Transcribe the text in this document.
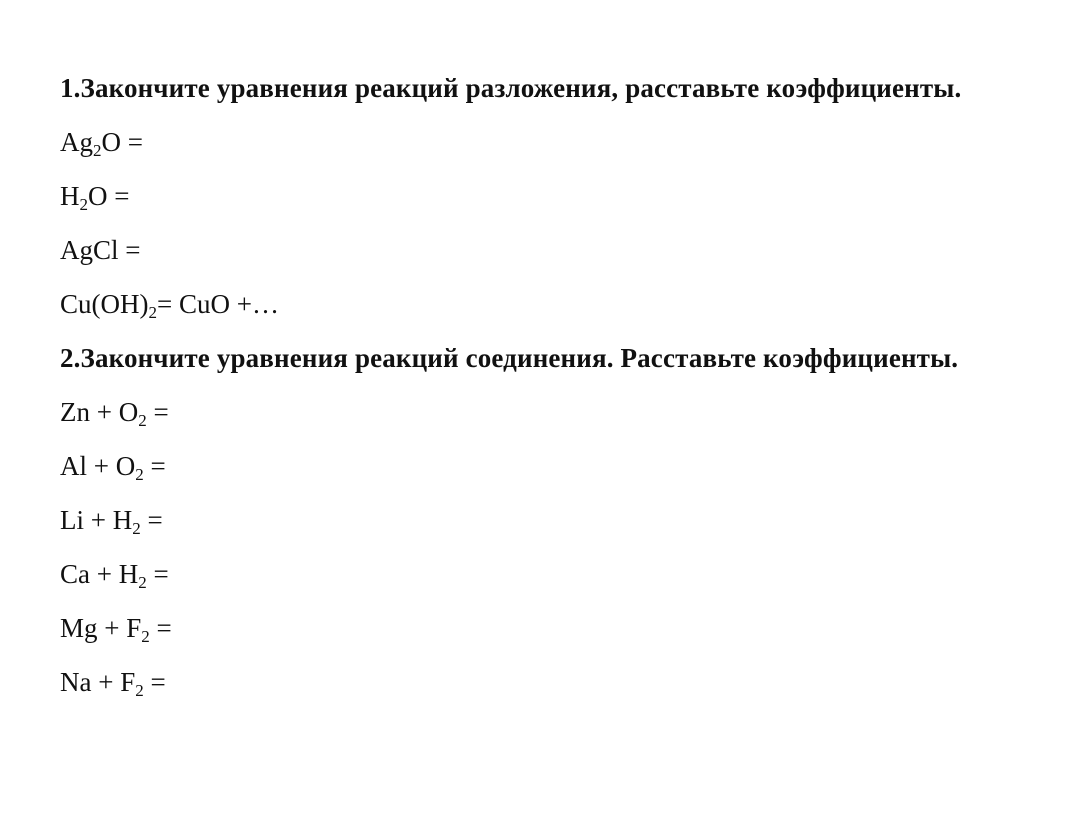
1.Закончите уравнения реакций разложения, расставьте коэффициенты.
$Ag_2O$ =
$H_2O$ =
AgCl =
$Cu(OH)_2=$ CuO +…
2.Закончите уравнения реакций соединения. Расставьте коэффициенты.
$Zn + O_2$ =
$Al + O_2$ =
$Li + H_2$ =
$Ca + H_2$ =
$Mg + F_2$ =
$Na + F_2$ =
